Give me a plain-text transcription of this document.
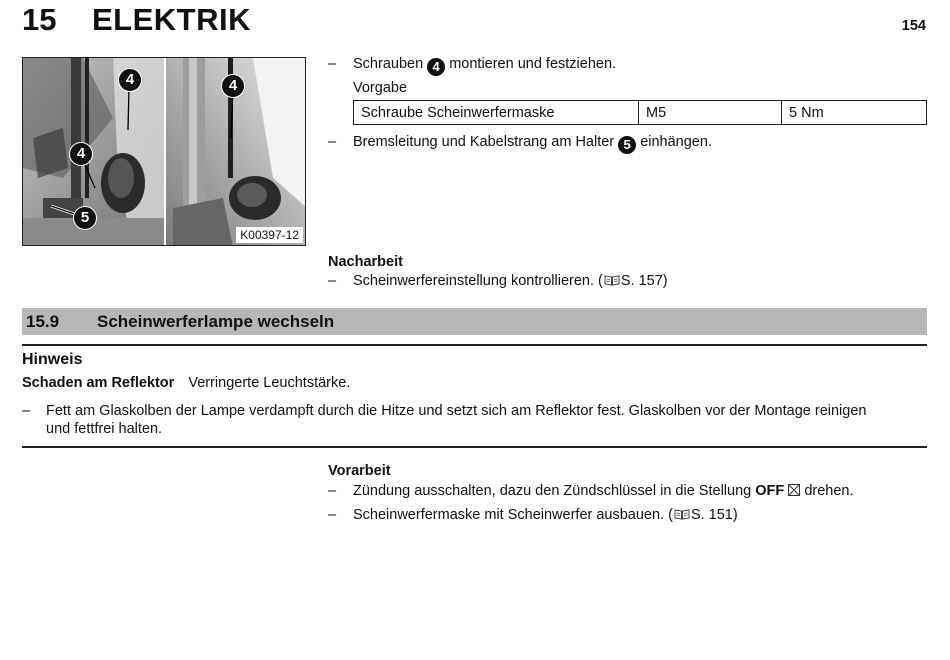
15 ELEKTRIK	154
4
4
4
5
K00397-12
– Schrauben 4 montieren und festziehen.
Vorgabe
Schraube Scheinwerfermaske	M5	5 Nm
– Bremsleitung und Kabelstrang am Halter 5 einhängen.
Nacharbeit
– Scheinwerfereinstellung kontrollieren. ( S. 157)
15.9 Scheinwerferlampe wechseln
Hinweis
Schaden am Reflektor Verringerte Leuchtstärke.
– Fett am Glaskolben der Lampe verdampft durch die Hitze und setzt sich am Reflektor fest. Glaskolben vor der Montage reinigen
und fettfrei halten.
Vorarbeit
– Zündung ausschalten, dazu den Zündschlüssel in die Stellung OFF drehen.
– Scheinwerfermaske mit Scheinwerfer ausbauen. ( S. 151)
